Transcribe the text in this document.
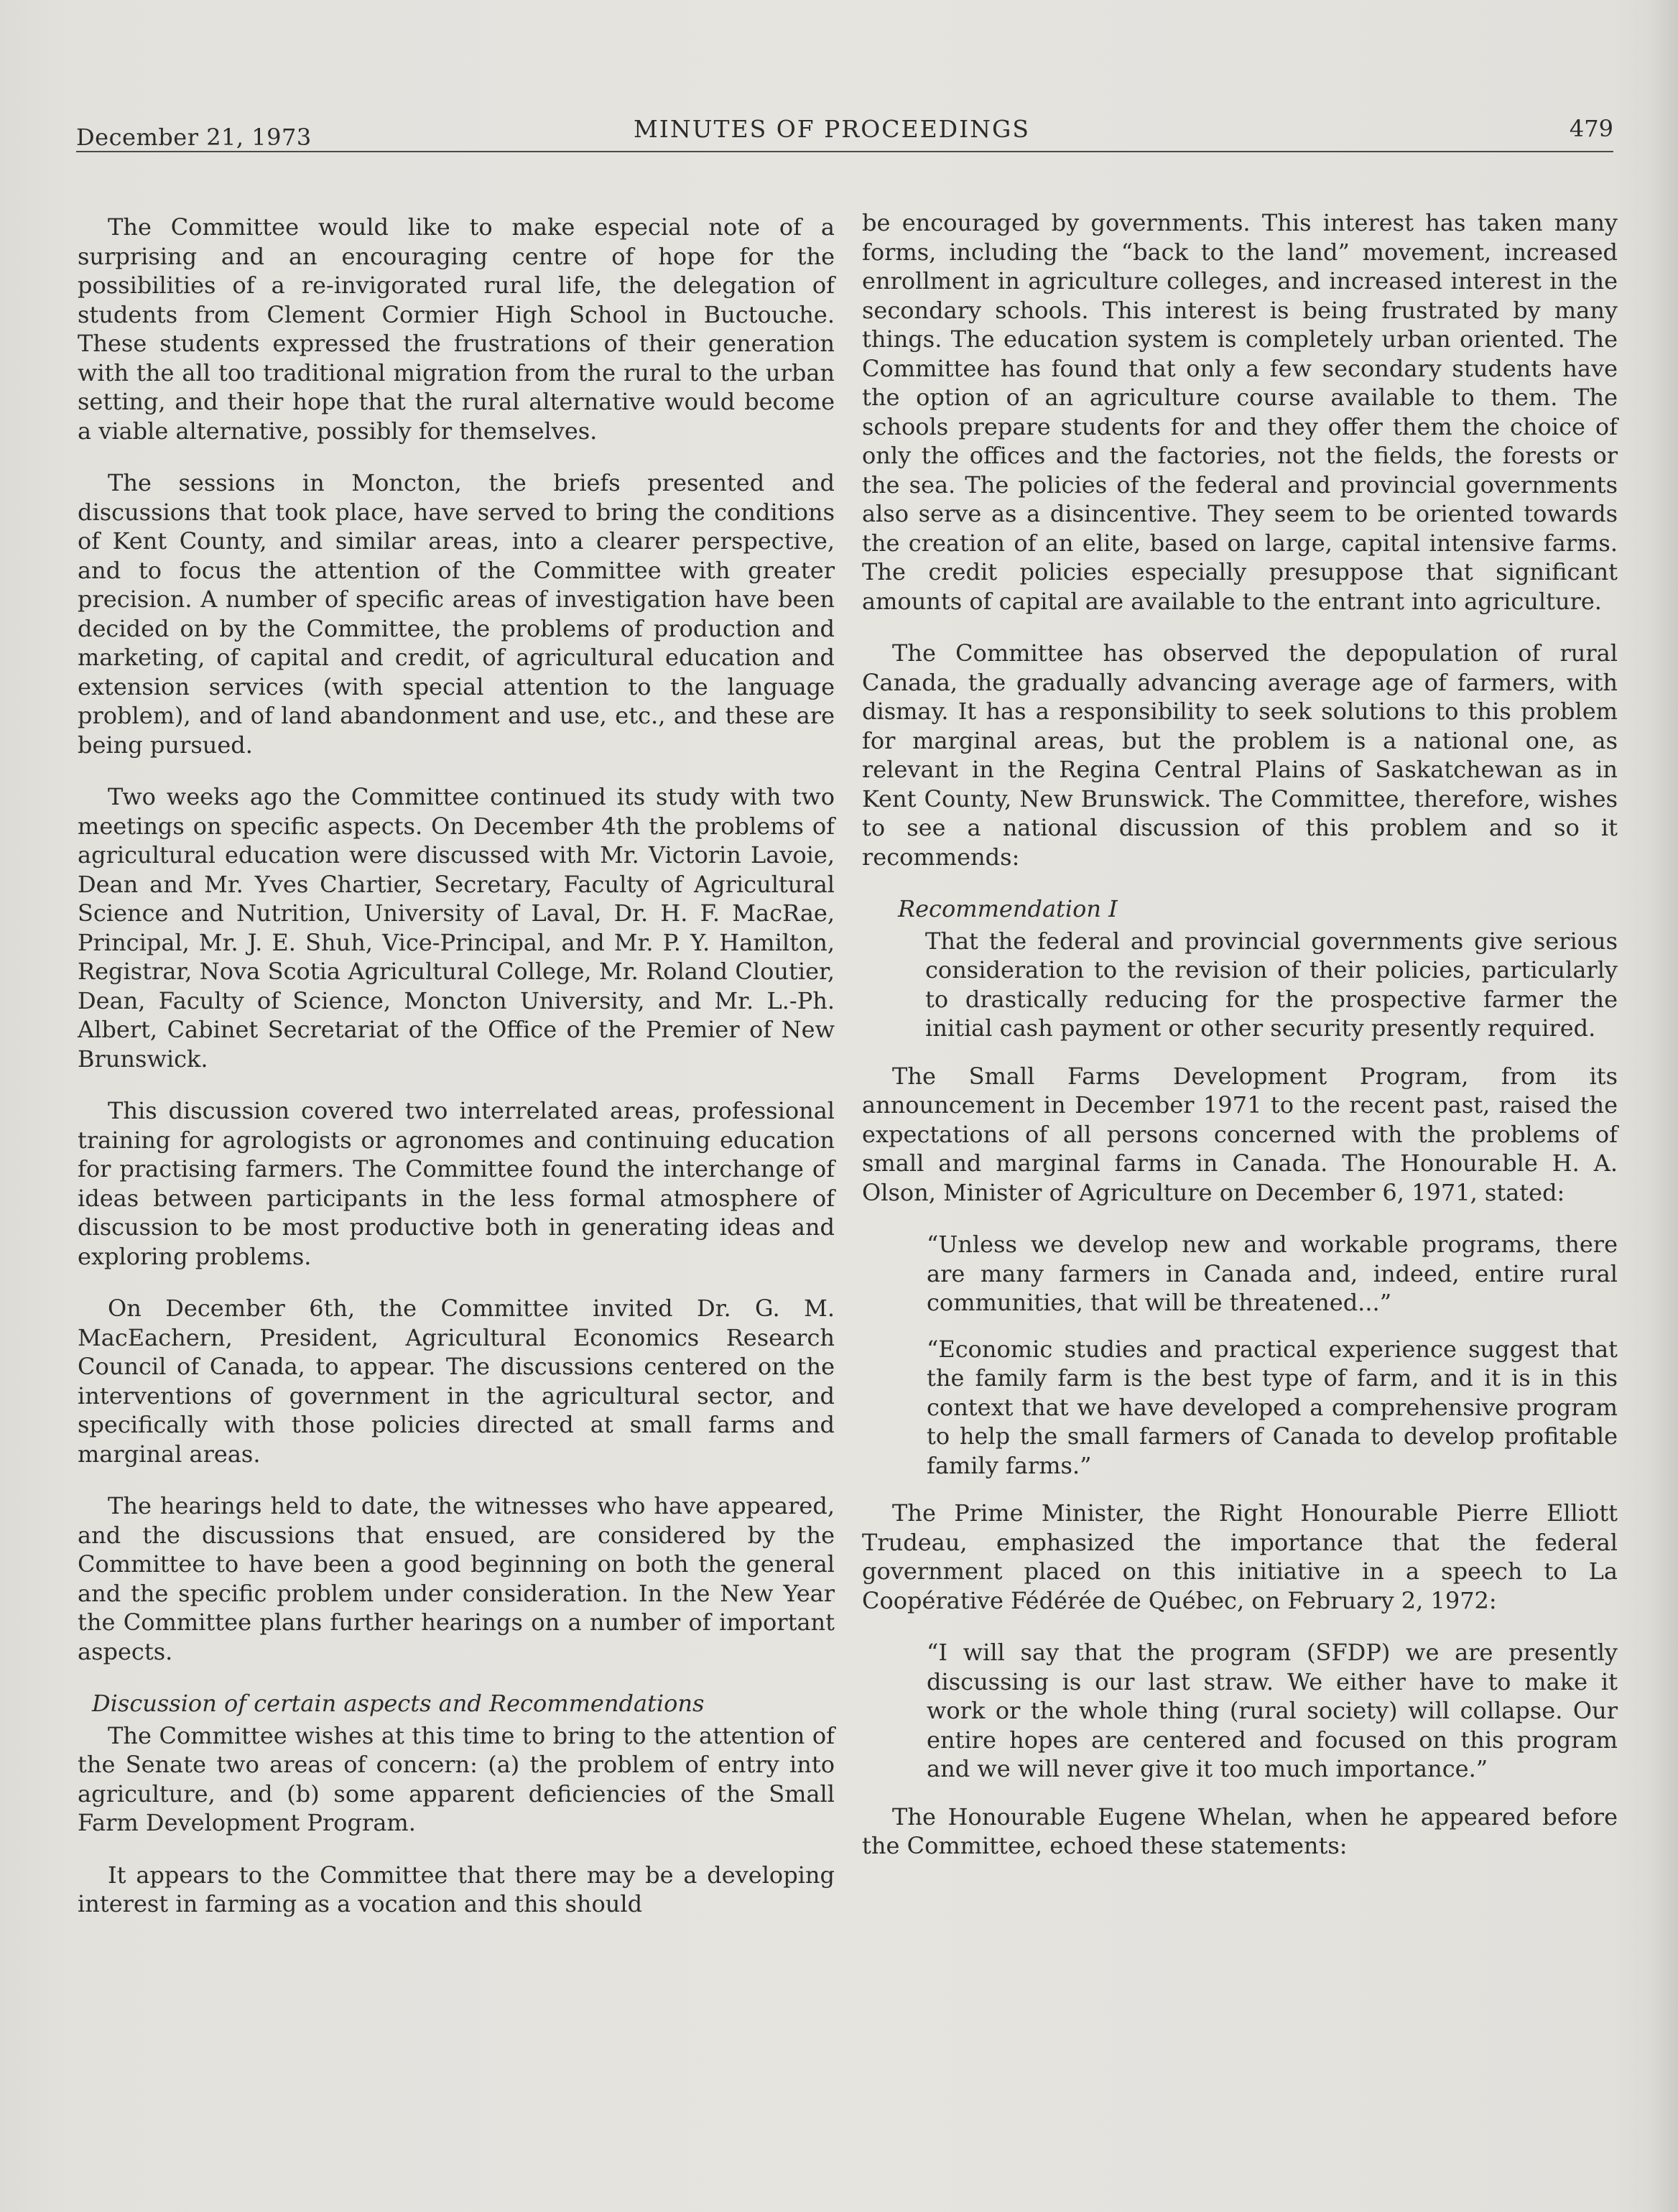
December 21, 1973	MINUTES OF PROCEEDINGS	479

The Committee would like to make especial note of a surprising and an encouraging centre of hope for the possibilities of a re-invigorated rural life, the delegation of students from Clement Cormier High School in Buctouche. These students expressed the frustrations of their generation with the all too traditional migration from the rural to the urban setting, and their hope that the rural alternative would become a viable alternative, possibly for themselves.

The sessions in Moncton, the briefs presented and discussions that took place, have served to bring the conditions of Kent County, and similar areas, into a clearer perspective, and to focus the attention of the Committee with greater precision. A number of specific areas of investigation have been decided on by the Committee, the problems of production and marketing, of capital and credit, of agricultural education and extension services (with special attention to the language problem), and of land abandonment and use, etc., and these are being pursued.

Two weeks ago the Committee continued its study with two meetings on specific aspects. On December 4th the problems of agricultural education were discussed with Mr. Victorin Lavoie, Dean and Mr. Yves Chartier, Secretary, Faculty of Agricultural Science and Nutrition, University of Laval, Dr. H. F. MacRae, Principal, Mr. J. E. Shuh, Vice-Principal, and Mr. P. Y. Hamilton, Registrar, Nova Scotia Agricultural College, Mr. Roland Cloutier, Dean, Faculty of Science, Moncton University, and Mr. L.-Ph. Albert, Cabinet Secretariat of the Office of the Premier of New Brunswick.

This discussion covered two interrelated areas, professional training for agrologists or agronomes and continuing education for practising farmers. The Committee found the interchange of ideas between participants in the less formal atmosphere of discussion to be most productive both in generating ideas and exploring problems.

On December 6th, the Committee invited Dr. G. M. MacEachern, President, Agricultural Economics Research Council of Canada, to appear. The discussions centered on the interventions of government in the agricultural sector, and specifically with those policies directed at small farms and marginal areas.

The hearings held to date, the witnesses who have appeared, and the discussions that ensued, are considered by the Committee to have been a good beginning on both the general and the specific problem under consideration. In the New Year the Committee plans further hearings on a number of important aspects.

Discussion of certain aspects and Recommendations

The Committee wishes at this time to bring to the attention of the Senate two areas of concern: (a) the problem of entry into agriculture, and (b) some apparent deficiencies of the Small Farm Development Program.

It appears to the Committee that there may be a developing interest in farming as a vocation and this should

be encouraged by governments. This interest has taken many forms, including the “back to the land” movement, increased enrollment in agriculture colleges, and increased interest in the secondary schools. This interest is being frustrated by many things. The education system is completely urban oriented. The Committee has found that only a few secondary students have the option of an agriculture course available to them. The schools prepare students for and they offer them the choice of only the offices and the factories, not the fields, the forests or the sea. The policies of the federal and provincial governments also serve as a disincentive. They seem to be oriented towards the creation of an elite, based on large, capital intensive farms. The credit policies especially presuppose that significant amounts of capital are available to the entrant into agriculture.

The Committee has observed the depopulation of rural Canada, the gradually advancing average age of farmers, with dismay. It has a responsibility to seek solutions to this problem for marginal areas, but the problem is a national one, as relevant in the Regina Central Plains of Saskatchewan as in Kent County, New Brunswick. The Committee, therefore, wishes to see a national discussion of this problem and so it recommends:

Recommendation I

That the federal and provincial governments give serious consideration to the revision of their policies, particularly to drastically reducing for the prospective farmer the initial cash payment or other security presently required.

The Small Farms Development Program, from its announcement in December 1971 to the recent past, raised the expectations of all persons concerned with the problems of small and marginal farms in Canada. The Honourable H. A. Olson, Minister of Agriculture on December 6, 1971, stated:

“Unless we develop new and workable programs, there are many farmers in Canada and, indeed, entire rural communities, that will be threatened...”

“Economic studies and practical experience suggest that the family farm is the best type of farm, and it is in this context that we have developed a comprehensive program to help the small farmers of Canada to develop profitable family farms.”

The Prime Minister, the Right Honourable Pierre Elliott Trudeau, emphasized the importance that the federal government placed on this initiative in a speech to La Coopérative Fédérée de Québec, on February 2, 1972:

“I will say that the program (SFDP) we are presently discussing is our last straw. We either have to make it work or the whole thing (rural society) will collapse. Our entire hopes are centered and focused on this program and we will never give it too much importance.”

The Honourable Eugene Whelan, when he appeared before the Committee, echoed these statements:
